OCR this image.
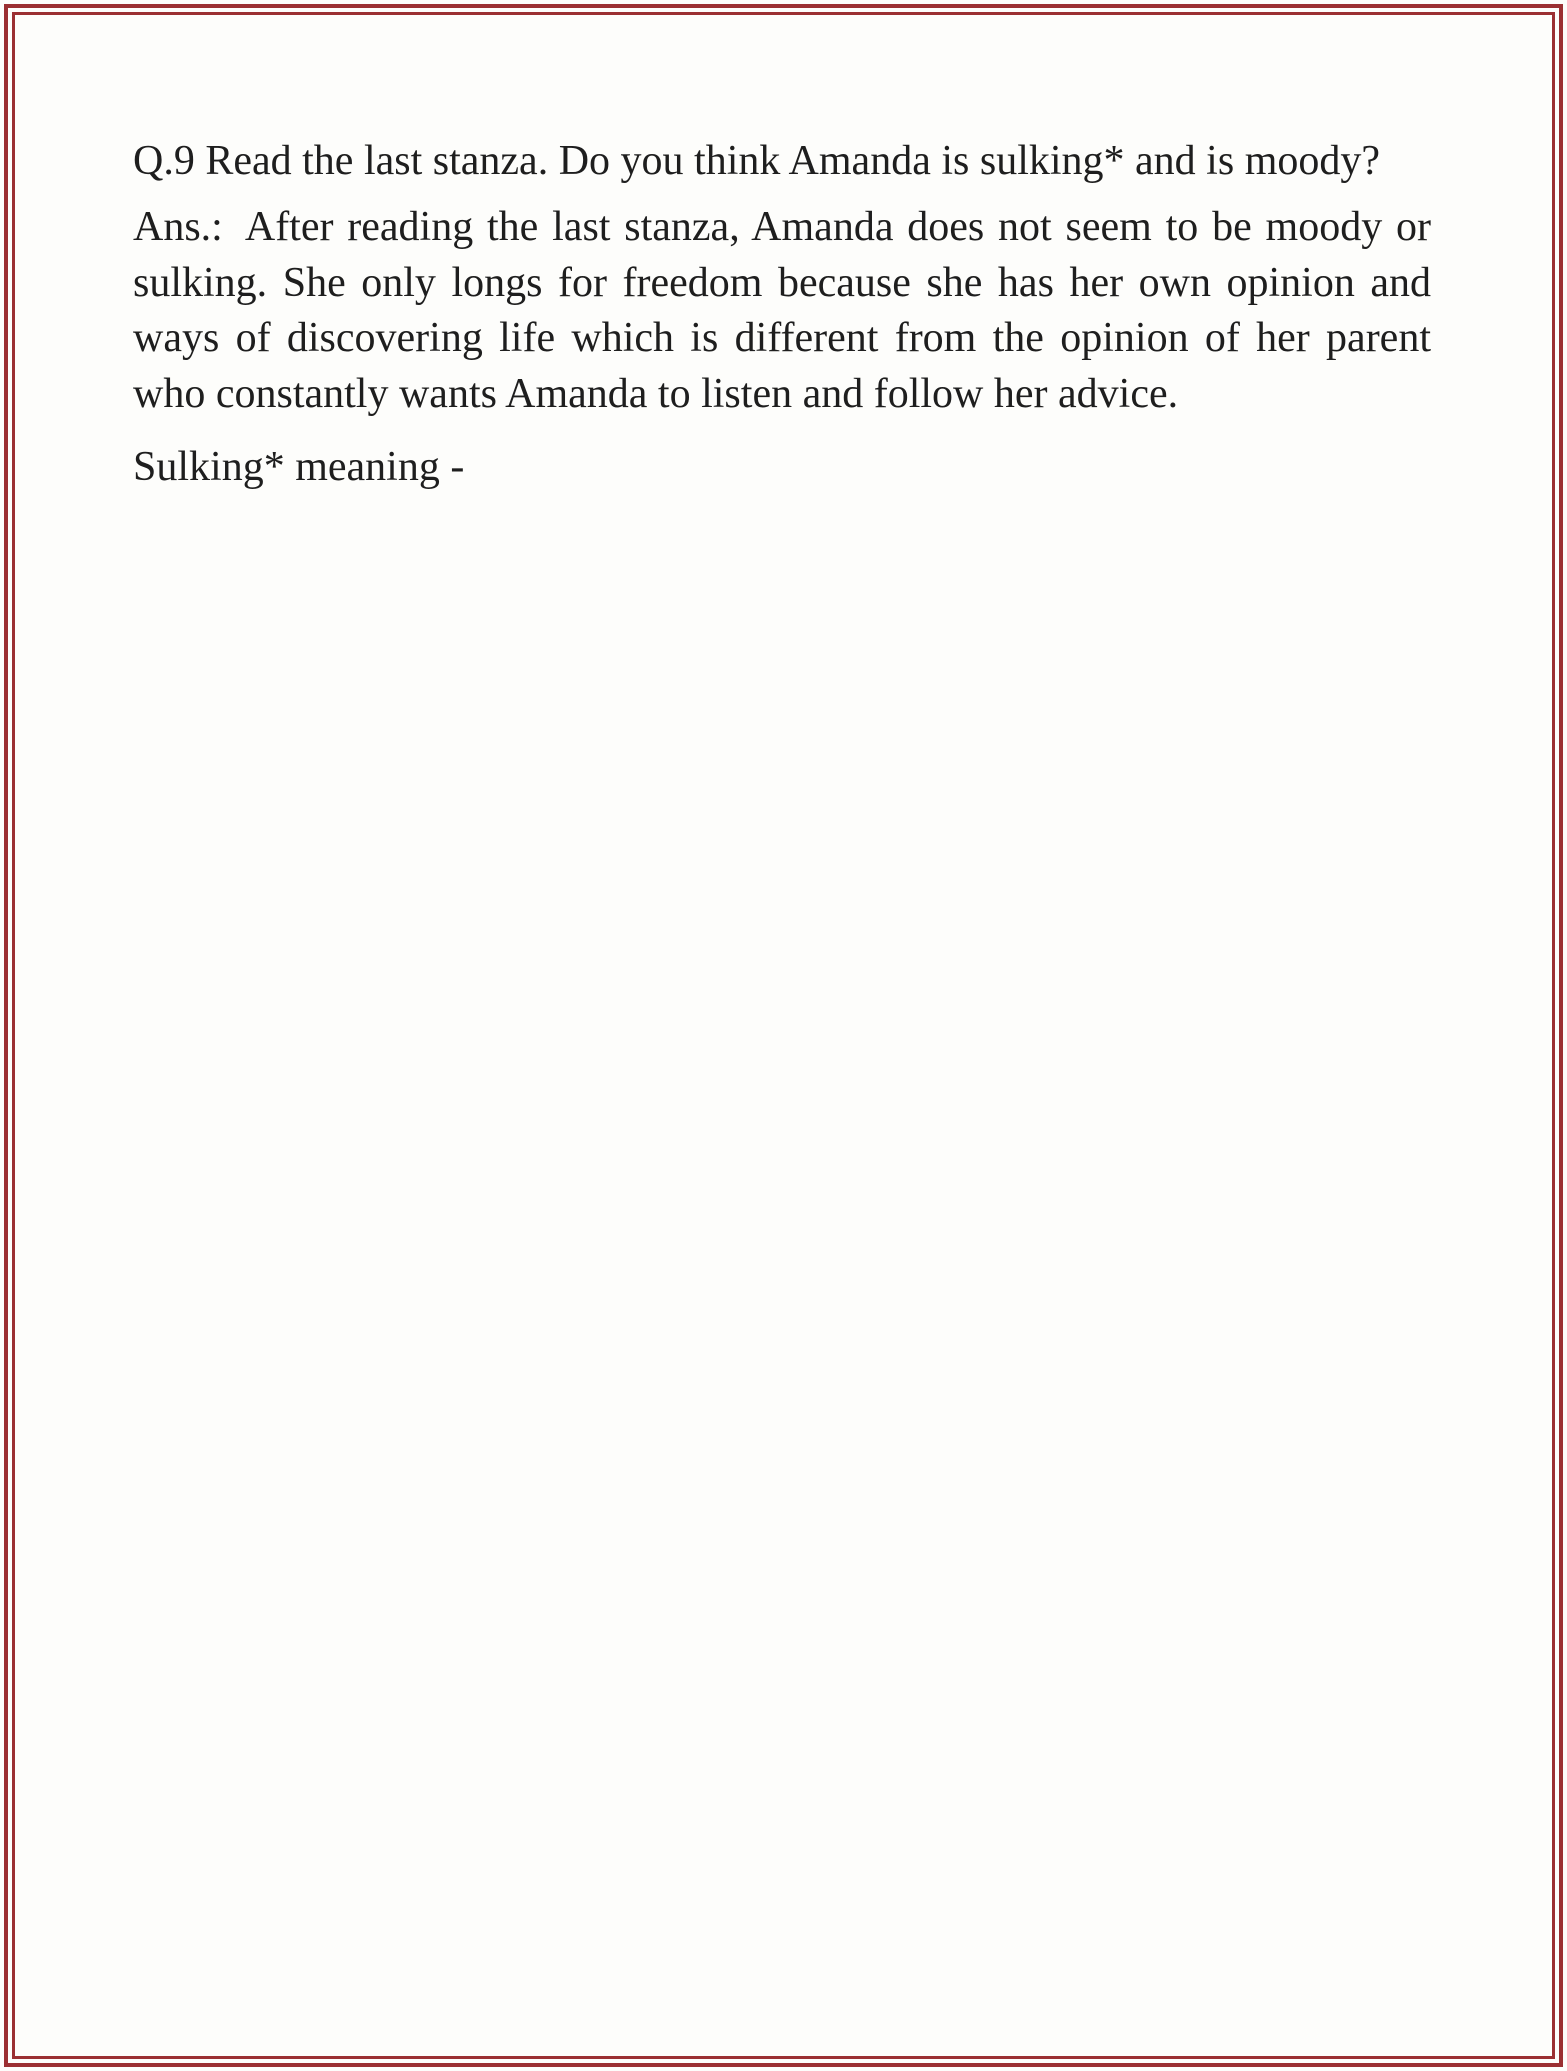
Q.9 Read the last stanza. Do you think Amanda is sulking* and is moody?

Ans.: After reading the last stanza, Amanda does not seem to be moody or sulking. She only longs for freedom because she has her own opinion and ways of discovering life which is different from the opinion of her parent who constantly wants Amanda to listen and follow her advice.

Sulking* meaning -
